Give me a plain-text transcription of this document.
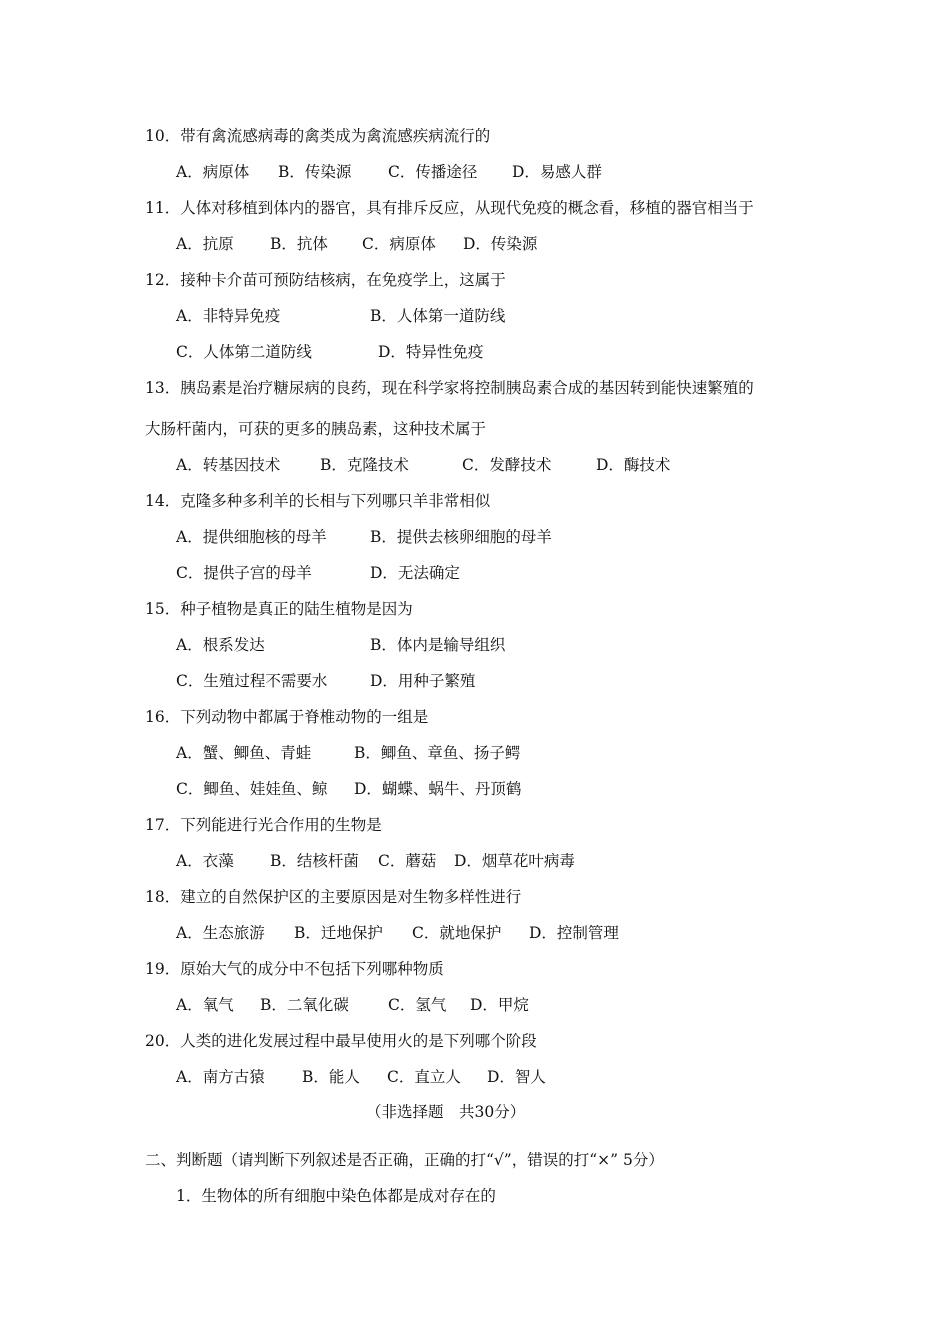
10．带有禽流感病毒的禽类成为禽流感疾病流行的
A．病原体 B．传染源 C．传播途径 D．易感人群
11．人体对移植到体内的器官，具有排斥反应，从现代免疫的概念看，移植的器官相当于
A．抗原 B．抗体 C．病原体 D．传染源
12．接种卡介苗可预防结核病，在免疫学上，这属于
A．非特异免疫	B．人体第一道防线
C．人体第二道防线	D．特异性免疫
13．胰岛素是治疗糖尿病的良药，现在科学家将控制胰岛素合成的基因转到能快速繁殖的
大肠杆菌内，可获的更多的胰岛素，这种技术属于
A．转基因技术	B．克隆技术	C．发酵技术	D．酶技术
14．克隆多种多利羊的长相与下列哪只羊非常相似
A．提供细胞核的母羊	B．提供去核卵细胞的母羊
C．提供子宫的母羊	D．无法确定
15．种子植物是真正的陆生植物是因为
A．根系发达	B．体内是输导组织
C．生殖过程不需要水	D．用种子繁殖
16．下列动物中都属于脊椎动物的一组是
A．蟹、鲫鱼、青蛙	B．鲫鱼、章鱼、扬子鳄
C．鲫鱼、娃娃鱼、鲸 D．蝴蝶、蜗牛、丹顶鹤
17．下列能进行光合作用的生物是
A．衣藻 B．结核杆菌 C．蘑菇 D．烟草花叶病毒
18．建立的自然保护区的主要原因是对生物多样性进行
A．生态旅游 B．迁地保护 C．就地保护 D．控制管理
19．原始大气的成分中不包括下列哪种物质
A．氧气 B．二氧化碳	C．氢气 D．甲烷
20．人类的进化发展过程中最早使用火的是下列哪个阶段
A．南方古猿 B．能人 C．直立人 D．智人
（非选择题　共30分）
二、判断题（请判断下列叙述是否正确，正确的打“√”，错误的打“×” 5分）
1．生物体的所有细胞中染色体都是成对存在的
